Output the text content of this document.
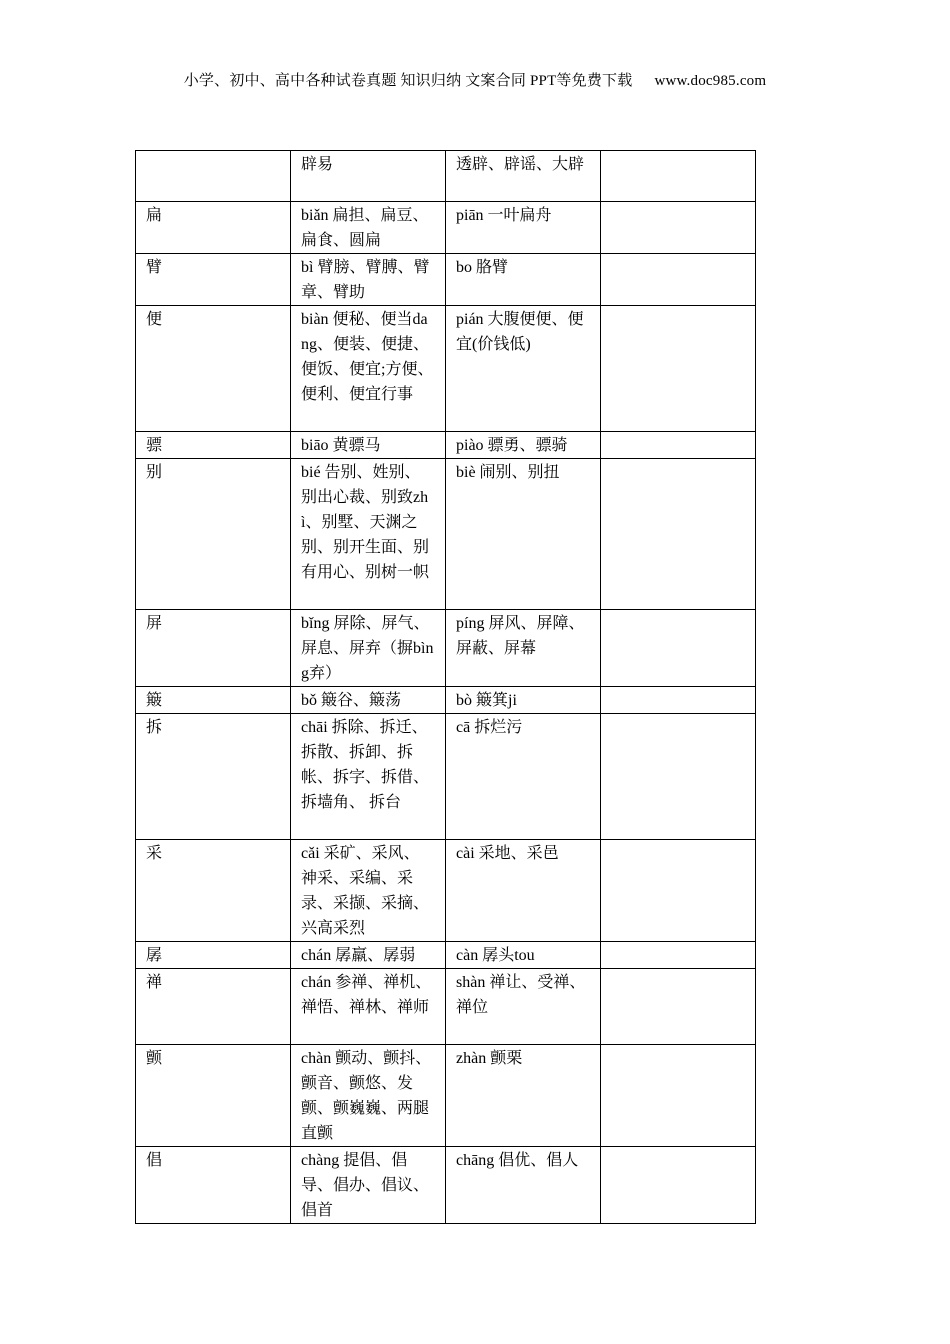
小学、初中、高中各种试卷真题 知识归纳 文案合同 PPT等免费下载 www.doc985.com
	辟易	透辟、辟谣、大辟	
扁	biǎn 扁担、扁豆、扁食、圆扁	piān 一叶扁舟	
臂	bì 臂膀、臂膊、臂章、臂助	bo 胳臂	
便	biàn 便秘、便当dang、便装、便捷、便饭、便宜;方便、便利、便宜行事	pián 大腹便便、便宜(价钱低)	
骠	biāo 黄骠马	piào 骠勇、骠骑	
别	bié 告别、姓别、别出心裁、别致zhì、别墅、天渊之别、别开生面、别有用心、别树一帜	biè 闹别、别扭	
屏	bǐng 屏除、屏气、屏息、屏弃（摒bìng弃）	píng 屏风、屏障、屏蔽、屏幕	
簸	bǒ 簸谷、簸荡	bò 簸箕ji	
拆	chāi 拆除、拆迁、拆散、拆卸、拆帐、拆字、拆借、拆墙角、 拆台	cā 拆烂污	
采	cǎi 采矿、采风、神采、采编、采录、采撷、采摘、兴高采烈	cài 采地、采邑	
孱	chán 孱羸、孱弱	càn 孱头tou	
禅	chán 参禅、禅机、禅悟、禅林、禅师	shàn 禅让、受禅、禅位	
颤	chàn 颤动、颤抖、颤音、颤悠、发颤、颤巍巍、两腿直颤	zhàn 颤栗	
倡	chàng 提倡、倡导、倡办、倡议、倡首	chāng 倡优、倡人	
